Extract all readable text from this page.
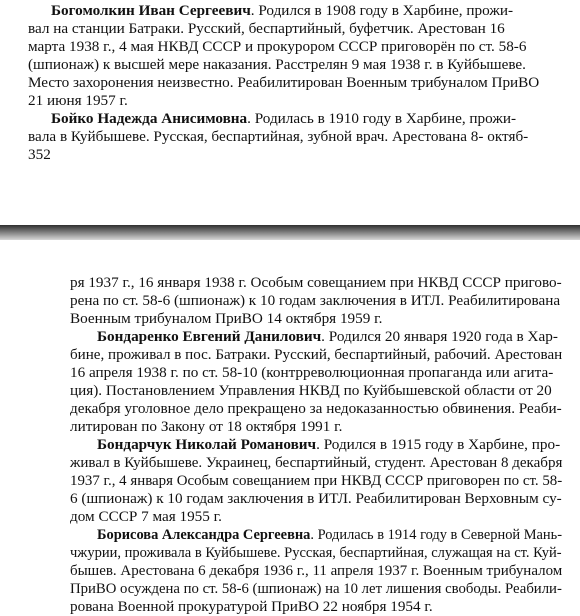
Богомолкин Иван Сергеевич. Родился в 1908 году в Харбине, прожи-
вал на станции Батраки. Русский, беспартийный, буфетчик. Арестован 16
марта 1938 г., 4 мая НКВД СССР и прокурором СССР приговорён по ст. 58-6
(шпионаж) к высшей мере наказания. Расстрелян 9 мая 1938 г. в Куйбышеве.
Место захоронения неизвестно. Реабилитирован Военным трибуналом ПриВО
21 июня 1957 г.
Бойко Надежда Анисимовна. Родилась в 1910 году в Харбине, прожи-
вала в Куйбышеве. Русская, беспартийная, зубной врач. Арестована 8- октяб-
352
ря 1937 г., 16 января 1938 г. Особым совещанием при НКВД СССР пригово-
рена по ст. 58-6 (шпионаж) к 10 годам заключения в ИТЛ. Реабилитирована
Военным трибуналом ПриВО 14 октября 1959 г.
Бондаренко Евгений Данилович. Родился 20 января 1920 года в Хар-
бине, проживал в пос. Батраки. Русский, беспартийный, рабочий. Арестован
16 апреля 1938 г. по ст. 58-10 (контрреволюционная пропаганда или агита-
ция). Постановлением Управления НКВД по Куйбышевской области от 20
декабря уголовное дело прекращено за недоказанностью обвинения. Реаби-
литирован по Закону от 18 октября 1991 г.
Бондарчук Николай Романович. Родился в 1915 году в Харбине, про-
живал в Куйбышеве. Украинец, беспартийный, студент. Арестован 8 декабря
1937 г., 4 января Особым совещанием при НКВД СССР приговорен по ст. 58-
6 (шпионаж) к 10 годам заключения в ИТЛ. Реабилитирован Верховным су-
дом СССР 7 мая 1955 г.
Борисова Александра Сергеевна. Родилась в 1914 году в Северной Мань-
чжурии, проживала в Куйбышеве. Русская, беспартийная, служащая на ст. Куй-
бышев. Арестована 6 декабря 1936 г., 11 апреля 1937 г. Военным трибуналом
ПриВО осуждена по ст. 58-6 (шпионаж) на 10 лет лишения свободы. Реабили-
рована Военной прокуратурой ПриВО 22 ноября 1954 г.
